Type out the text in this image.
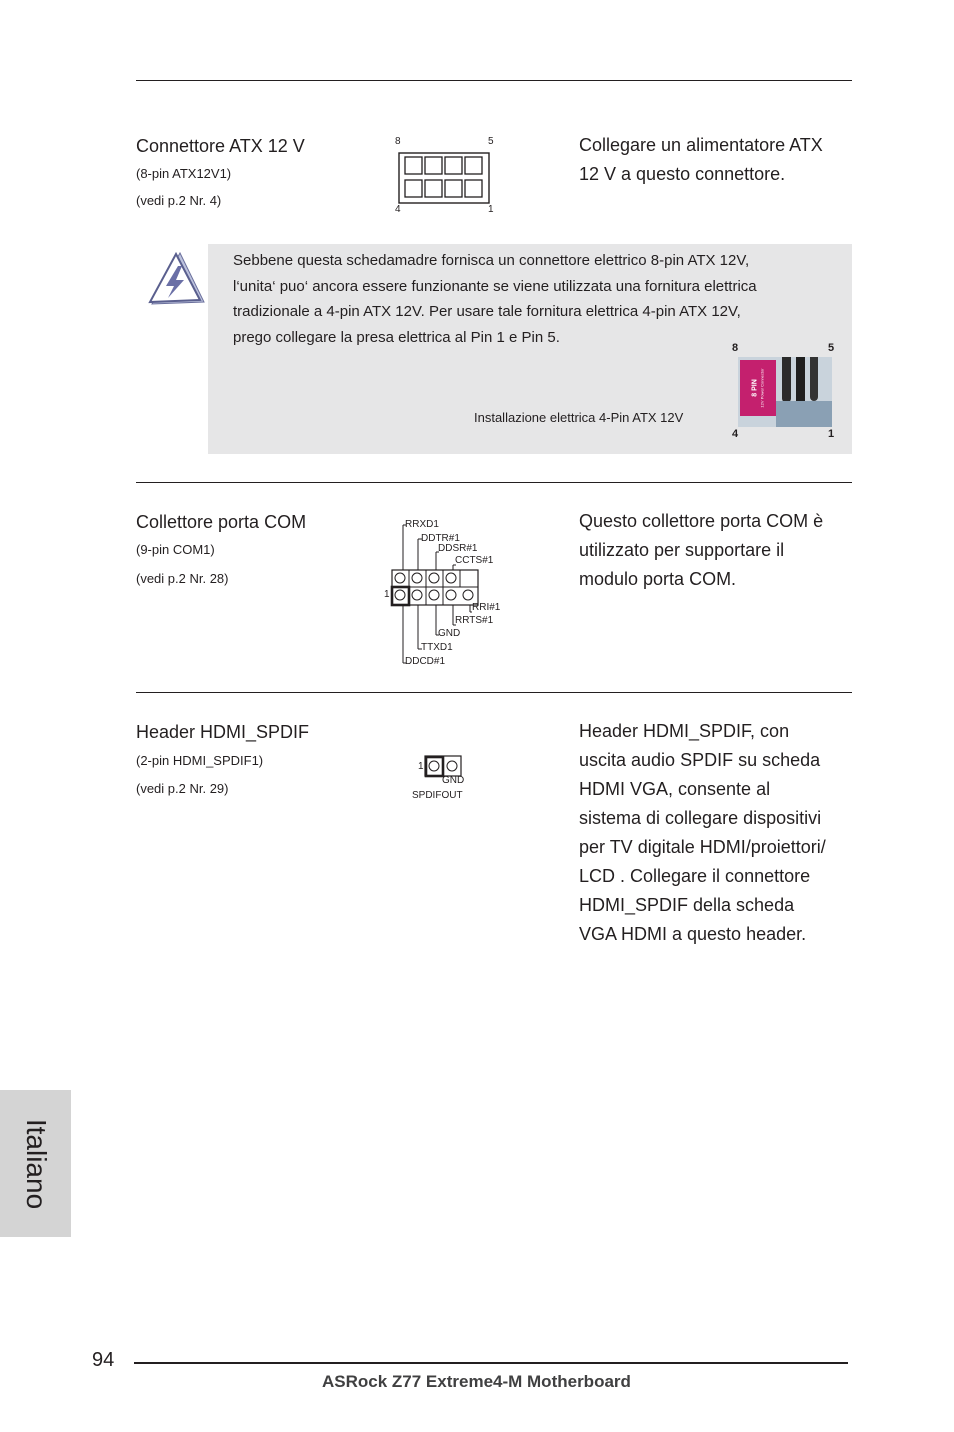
Connettore ATX 12 V
(8-pin ATX12V1)
(vedi p.2 Nr. 4)
8	5
4	1
Collegare un alimentatore ATX
12 V a questo connettore.
Sebbene questa schedamadre fornisca un connettore elettrico 8-pin ATX 12V,
l‘unita‘ puo‘ ancora essere funzionante se viene utilizzata una fornitura elettrica
tradizionale a 4-pin ATX 12V. Per usare tale fornitura elettrica 4-pin ATX 12V,
prego collegare la presa elettrica al Pin 1 e Pin 5.
Installazione elettrica 4-Pin ATX 12V
8	5
8 PIN 12V Power Connector
4	1
Collettore porta COM
(9-pin COM1)
(vedi p.2 Nr. 28)
1
RRXD1
DDTR#1
DDSR#1
CCTS#1
RRI#1
RRTS#1
GND
TTXD1
DDCD#1
Questo collettore porta COM è
utilizzato per supportare il
modulo porta COM.
Header HDMI_SPDIF
(2-pin HDMI_SPDIF1)
(vedi p.2 Nr. 29)
1
GND
SPDIFOUT
Header HDMI_SPDIF, con
uscita audio SPDIF su scheda
HDMI VGA, consente al
sistema di collegare dispositivi
per TV digitale HDMI/proiettori/
LCD . Collegare il connettore
HDMI_SPDIF della scheda
VGA HDMI a questo header.
Italiano
94
ASRock Z77 Extreme4-M Motherboard
